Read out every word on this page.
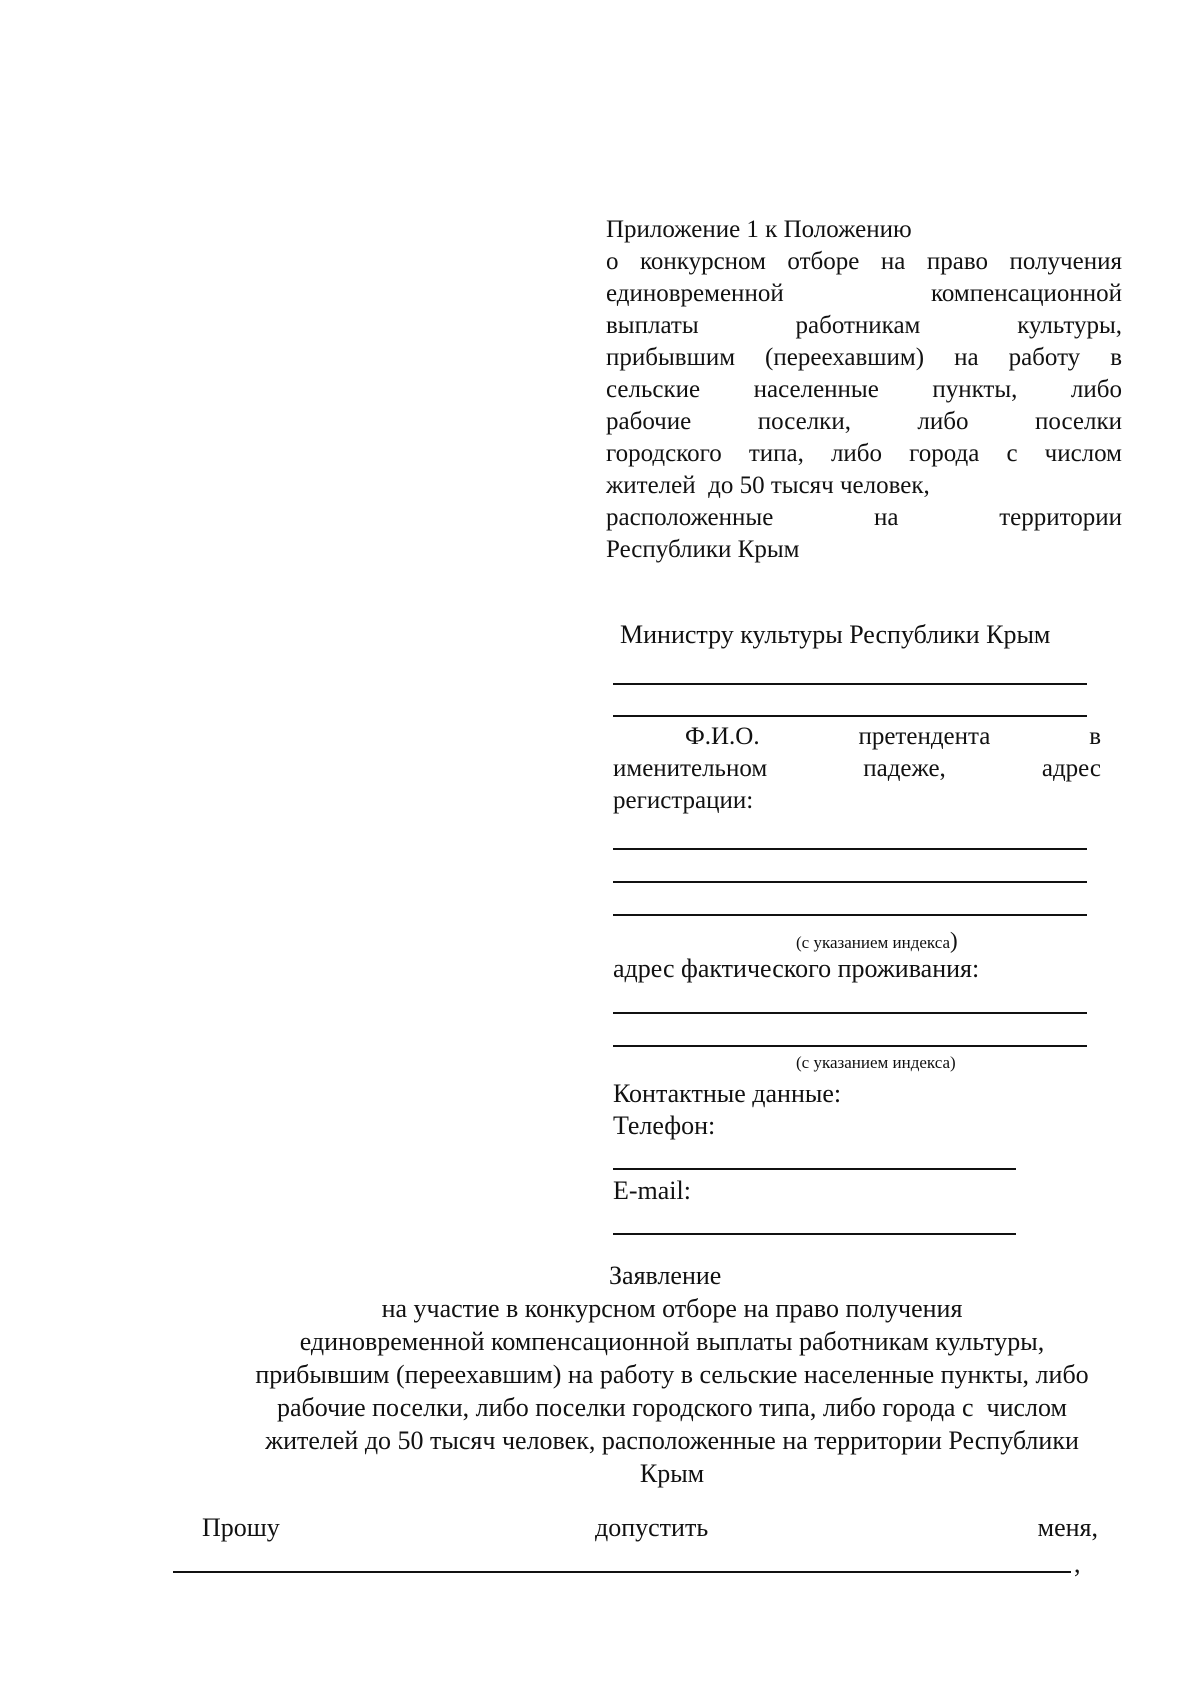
Приложение 1 к Положению
о конкурсном отборе на право получения
единовременной компенсационной
выплаты работникам культуры,
прибывшим (переехавшим) на работу в
сельские населенные пункты, либо
рабочие поселки, либо поселки
городского типа, либо города с числом
жителей  до 50 тысяч человек,
расположенные на территории
Республики Крым
Министру культуры Республики Крым
Ф.И.О. претендента в
именительном падеже, адрес
регистрации:
(с указанием индекса)
адрес фактического проживания:
(с указанием индекса)
Контактные данные:
Телефон:
E-mail:
Заявление
на участие в конкурсном отборе на право получения
единовременной компенсационной выплаты работникам культуры,
прибывшим (переехавшим) на работу в сельские населенные пункты, либо
рабочие поселки, либо поселки городского типа, либо города с  числом
жителей до 50 тысяч человек, расположенные на территории Республики
Крым
Прошу	допустить	меня,
,
